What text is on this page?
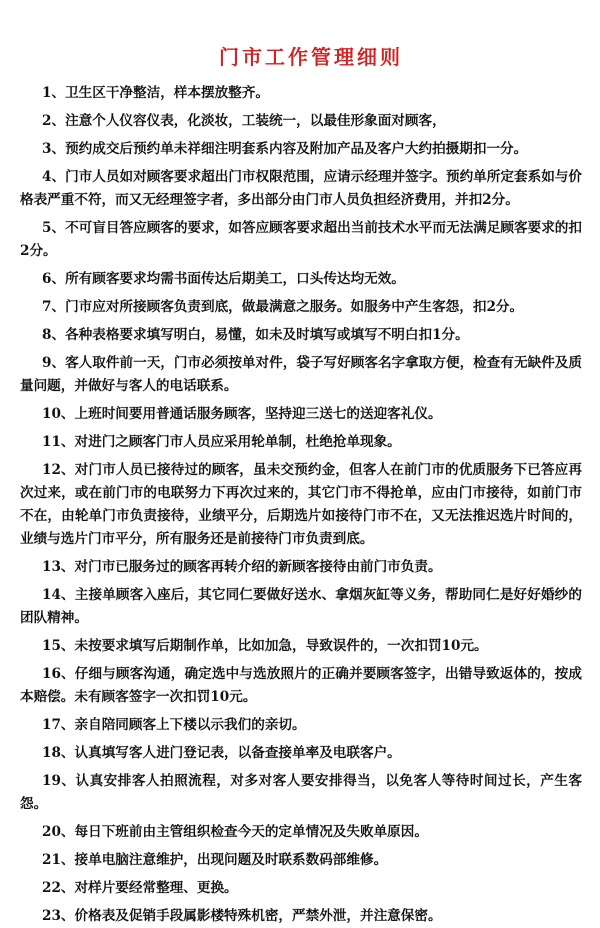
门市工作管理细则
1、卫生区干净整洁，样本摆放整齐。
2、注意个人仪容仪表，化淡妆，工装统一，以最佳形象面对顾客，
3、预约成交后预约单未祥细注明套系内容及附加产品及客户大约拍摄期扣一分。
4、门市人员如对顾客要求超出门市权限范围，应请示经理并签字。预约单所定套系如与价格表严重不符，而又无经理签字者，多出部分由门市人员负担经济费用，并扣2分。
5、不可盲目答应顾客的要求，如答应顾客要求超出当前技术水平而无法满足顾客要求的扣2分。
6、所有顾客要求均需书面传达后期美工，口头传达均无效。
7、门市应对所接顾客负责到底，做最满意之服务。如服务中产生客怨，扣2分。
8、各种表格要求填写明白，易懂，如未及时填写或填写不明白扣1分。
9、客人取件前一天，门市必须按单对件，袋子写好顾客名字拿取方便，检查有无缺件及质量问题，并做好与客人的电话联系。
10、上班时间要用普通话服务顾客，坚持迎三送七的送迎客礼仪。
11、对进门之顾客门市人员应采用轮单制，杜绝抢单现象。
12、对门市人员已接待过的顾客，虽未交预约金，但客人在前门市的优质服务下已答应再次过来，或在前门市的电联努力下再次过来的，其它门市不得抢单，应由门市接待，如前门市不在，由轮单门市负责接待，业绩平分，后期选片如接待门市不在，又无法推迟选片时间的，业绩与选片门市平分，所有服务还是前接待门市负责到底。
13、对门市已服务过的顾客再转介绍的新顾客接待由前门市负责。
14、主接单顾客入座后，其它同仁要做好送水、拿烟灰缸等义务，帮助同仁是好好婚纱的团队精神。
15、未按要求填写后期制作单，比如加急，导致误件的，一次扣罚10元。
16、仔细与顾客沟通，确定选中与选放照片的正确并要顾客签字，出错导致返体的，按成本赔偿。未有顾客签字一次扣罚10元。
17、亲自陪同顾客上下楼以示我们的亲切。
18、认真填写客人进门登记表，以备查接单率及电联客户。
19、认真安排客人拍照流程，对多对客人要安排得当，以免客人等待时间过长，产生客怨。
20、每日下班前由主管组织检查今天的定单情况及失败单原因。
21、接单电脑注意维护，出现问题及时联系数码部维修。
22、对样片要经常整理、更换。
23、价格表及促销手段属影楼特殊机密，严禁外泄，并注意保密。
